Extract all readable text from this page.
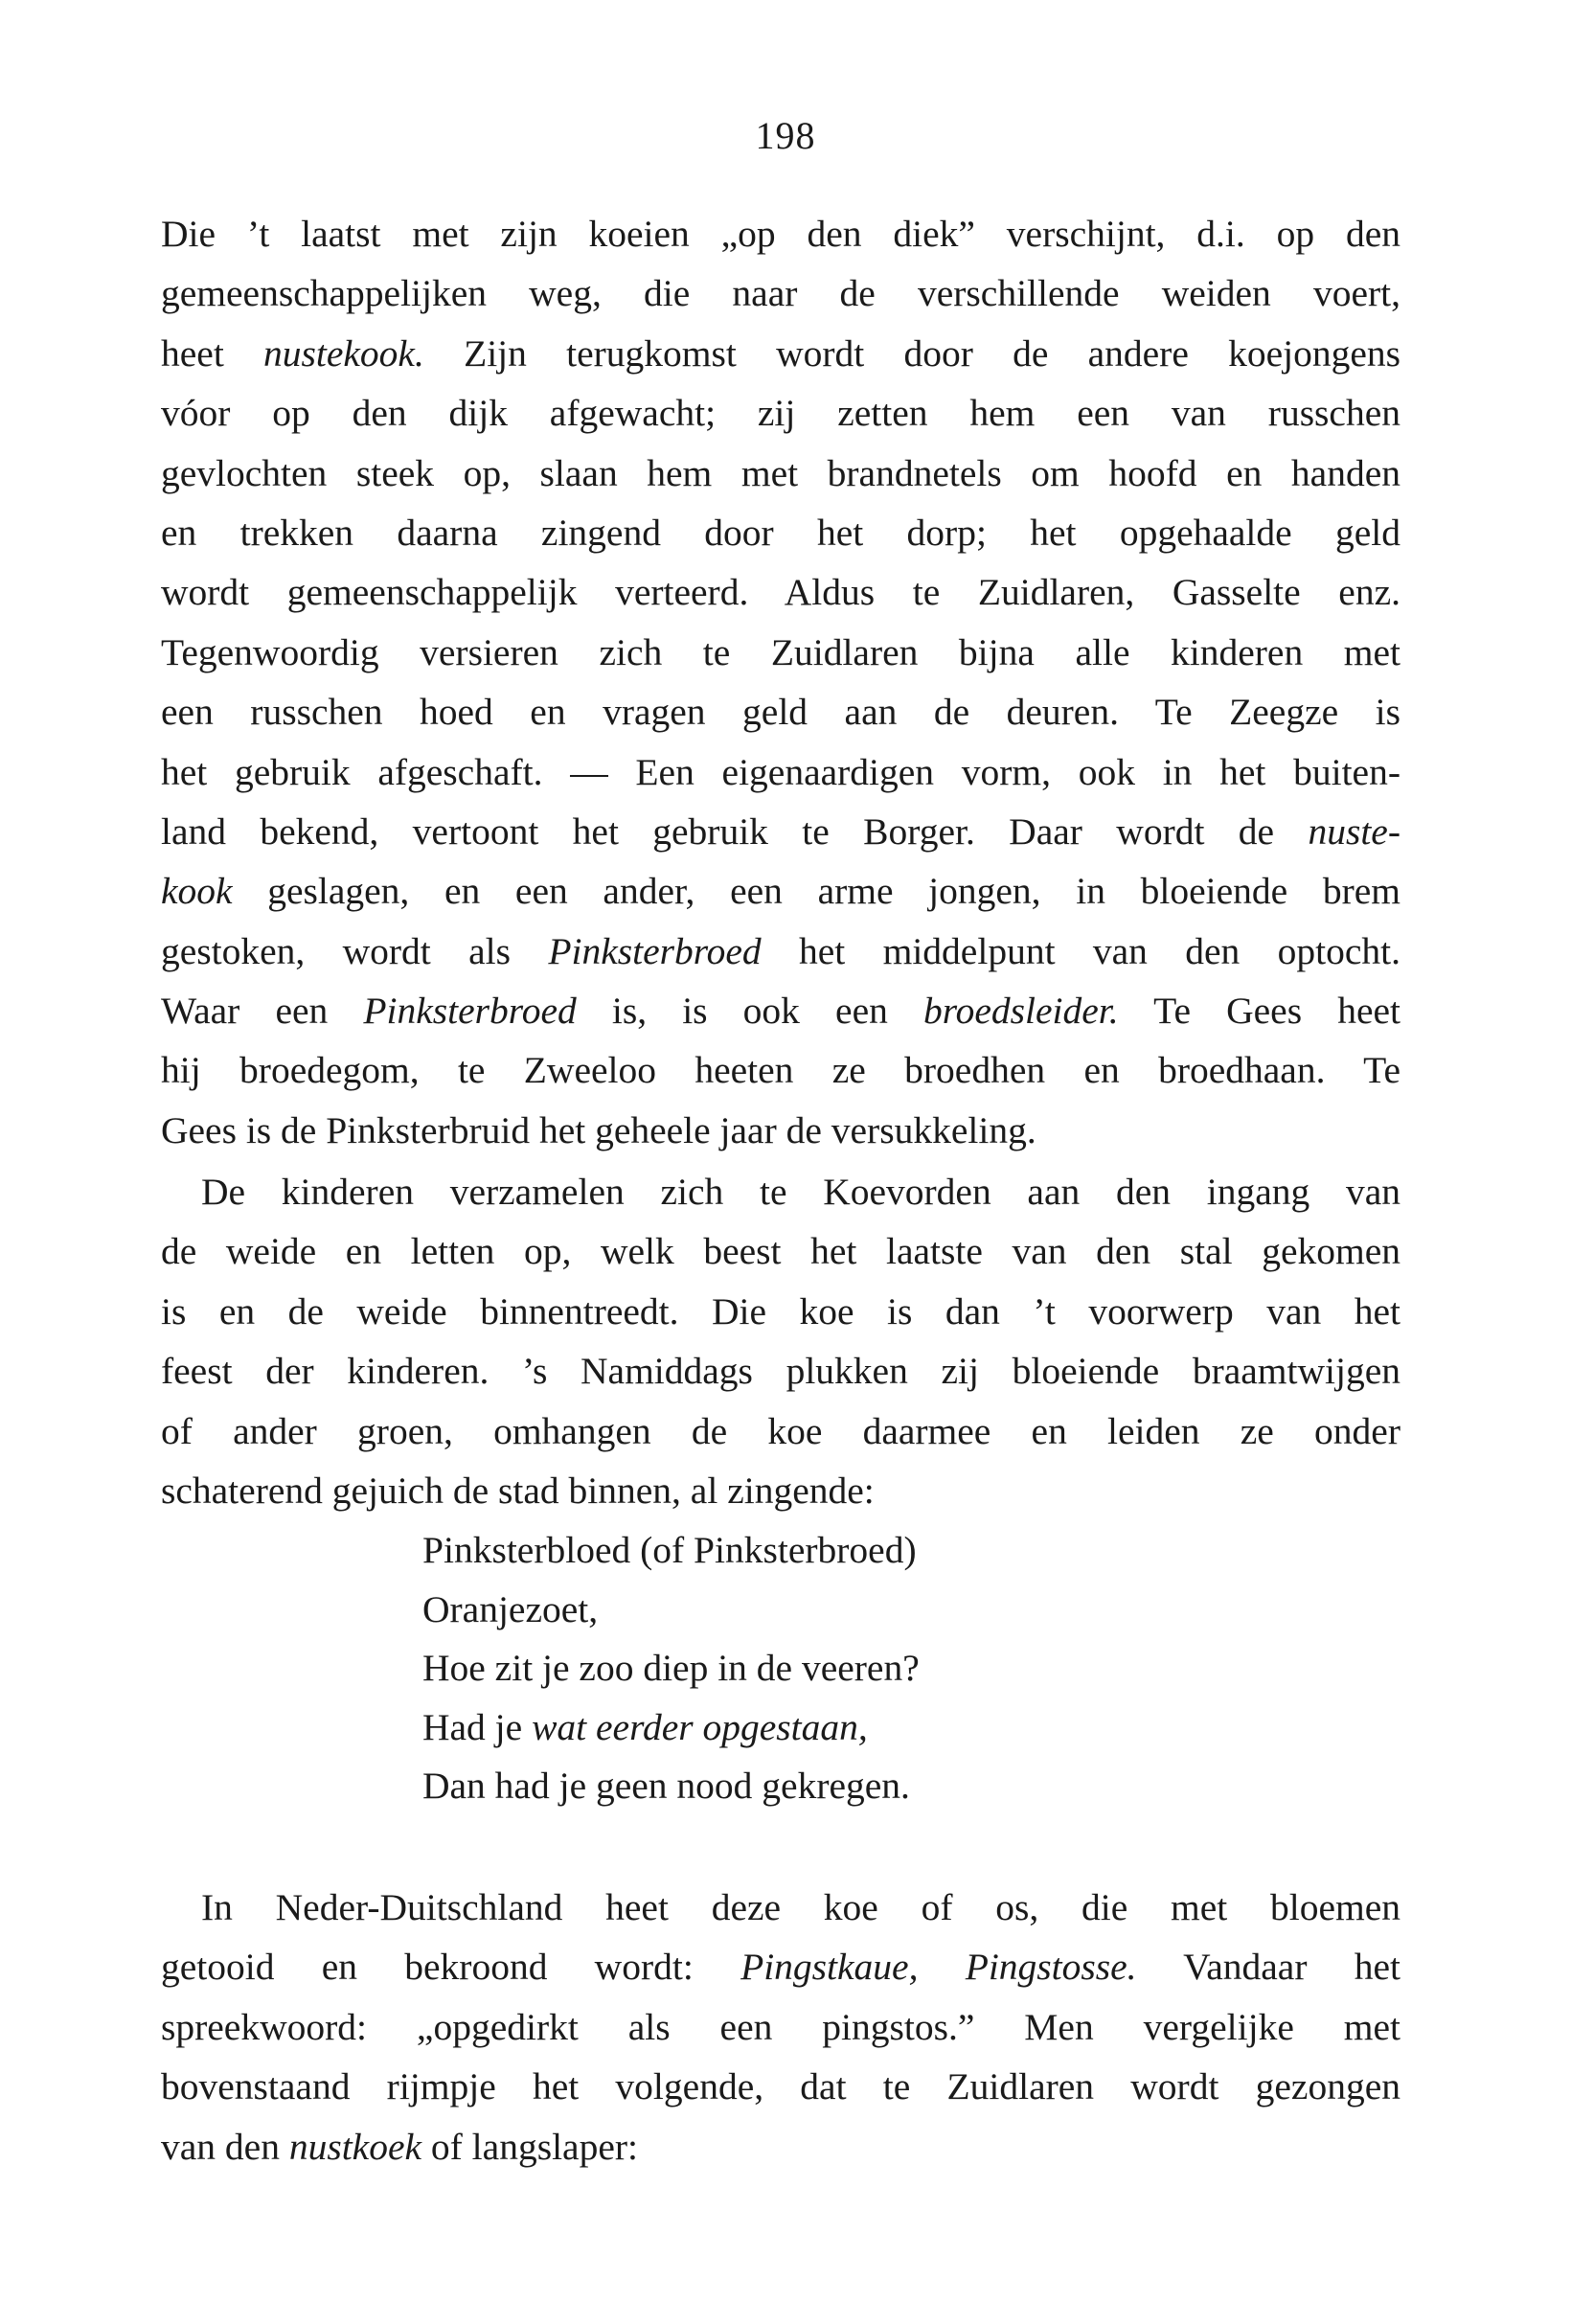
198
Die ’t laatst met zijn koeien „op den diek” verschijnt, d.i. op den
gemeenschappelijken weg, die naar de verschillende weiden voert,
heet nustekook. Zijn terugkomst wordt door de andere koejongens
vóor op den dijk afgewacht; zij zetten hem een van russchen
gevlochten steek op, slaan hem met brandnetels om hoofd en handen
en trekken daarna zingend door het dorp; het opgehaalde geld
wordt gemeenschappelijk verteerd. Aldus te Zuidlaren, Gasselte enz.
Tegenwoordig versieren zich te Zuidlaren bijna alle kinderen met
een russchen hoed en vragen geld aan de deuren. Te Zeegze is
het gebruik afgeschaft. — Een eigenaardigen vorm, ook in het buiten-
land bekend, vertoont het gebruik te Borger. Daar wordt de nuste-
kook geslagen, en een ander, een arme jongen, in bloeiende brem
gestoken, wordt als Pinksterbroed het middelpunt van den optocht.
Waar een Pinksterbroed is, is ook een broedsleider. Te Gees heet
hij broedegom, te Zweeloo heeten ze broedhen en broedhaan. Te
Gees is de Pinksterbruid het geheele jaar de versukkeling.
De kinderen verzamelen zich te Koevorden aan den ingang van
de weide en letten op, welk beest het laatste van den stal gekomen
is en de weide binnentreedt. Die koe is dan ’t voorwerp van het
feest der kinderen. ’s Namiddags plukken zij bloeiende braamtwijgen
of ander groen, omhangen de koe daarmee en leiden ze onder
schaterend gejuich de stad binnen, al zingende:
Pinksterbloed (of Pinksterbroed)
Oranjezoet,
Hoe zit je zoo diep in de veeren?
Had je wat eerder opgestaan,
Dan had je geen nood gekregen.
In Neder-Duitschland heet deze koe of os, die met bloemen
getooid en bekroond wordt: Pingstkaue, Pingstosse. Vandaar het
spreekwoord: „opgedirkt als een pingstos.” Men vergelijke met
bovenstaand rijmpje het volgende, dat te Zuidlaren wordt gezongen
van den nustkoek of langslaper:
